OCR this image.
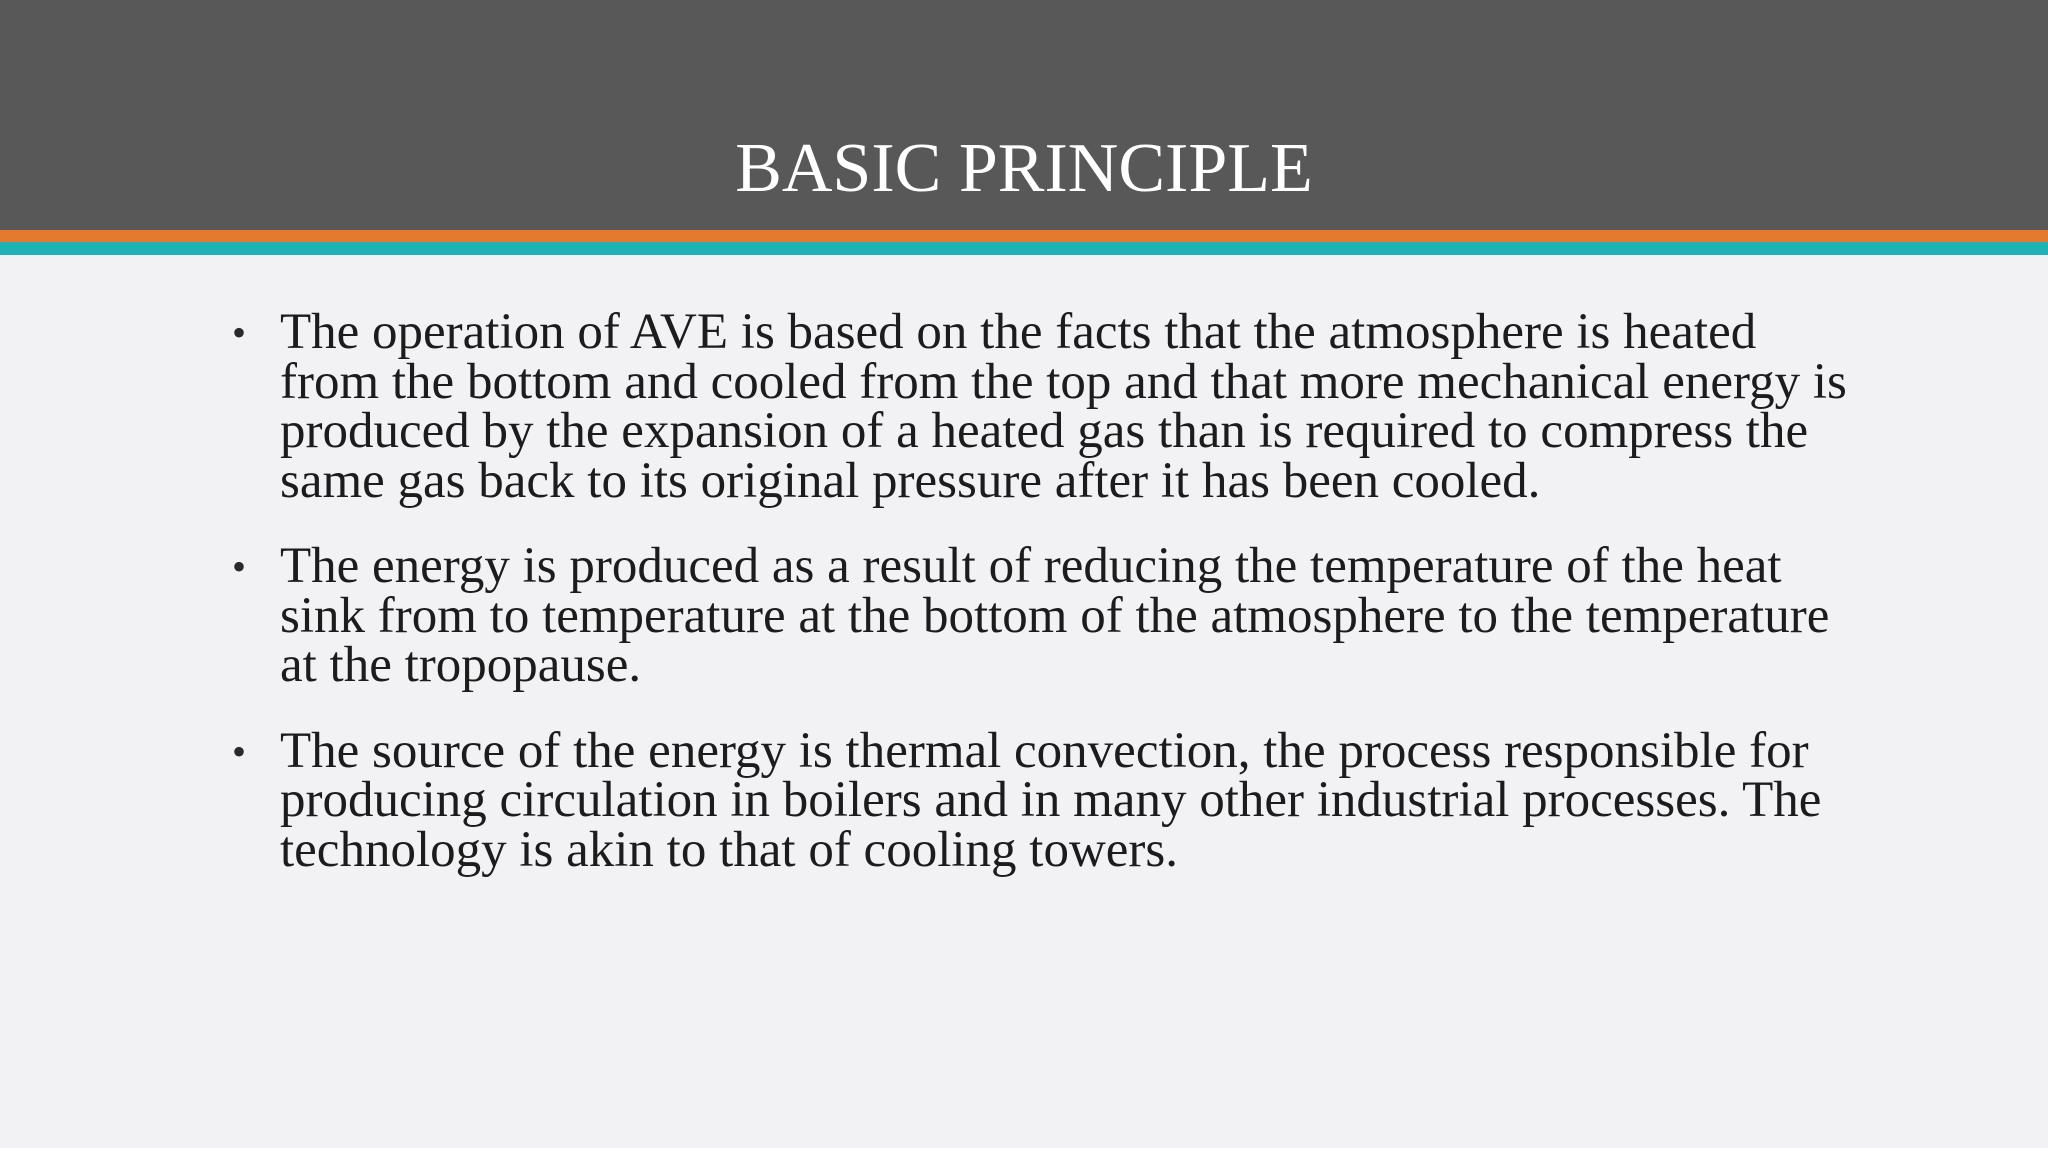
BASIC PRINCIPLE
• The operation of AVE is based on the facts that the atmosphere is heated from the bottom and cooled from the top and that more mechanical energy is produced by the expansion of a heated gas than is required to compress the same gas back to its original pressure after it has been cooled.
• The energy is produced as a result of reducing the temperature of the heat sink from to temperature at the bottom of the atmosphere to the temperature at the tropopause.
• The source of the energy is thermal convection, the process responsible for producing circulation in boilers and in many other industrial processes. The technology is akin to that of cooling towers.
